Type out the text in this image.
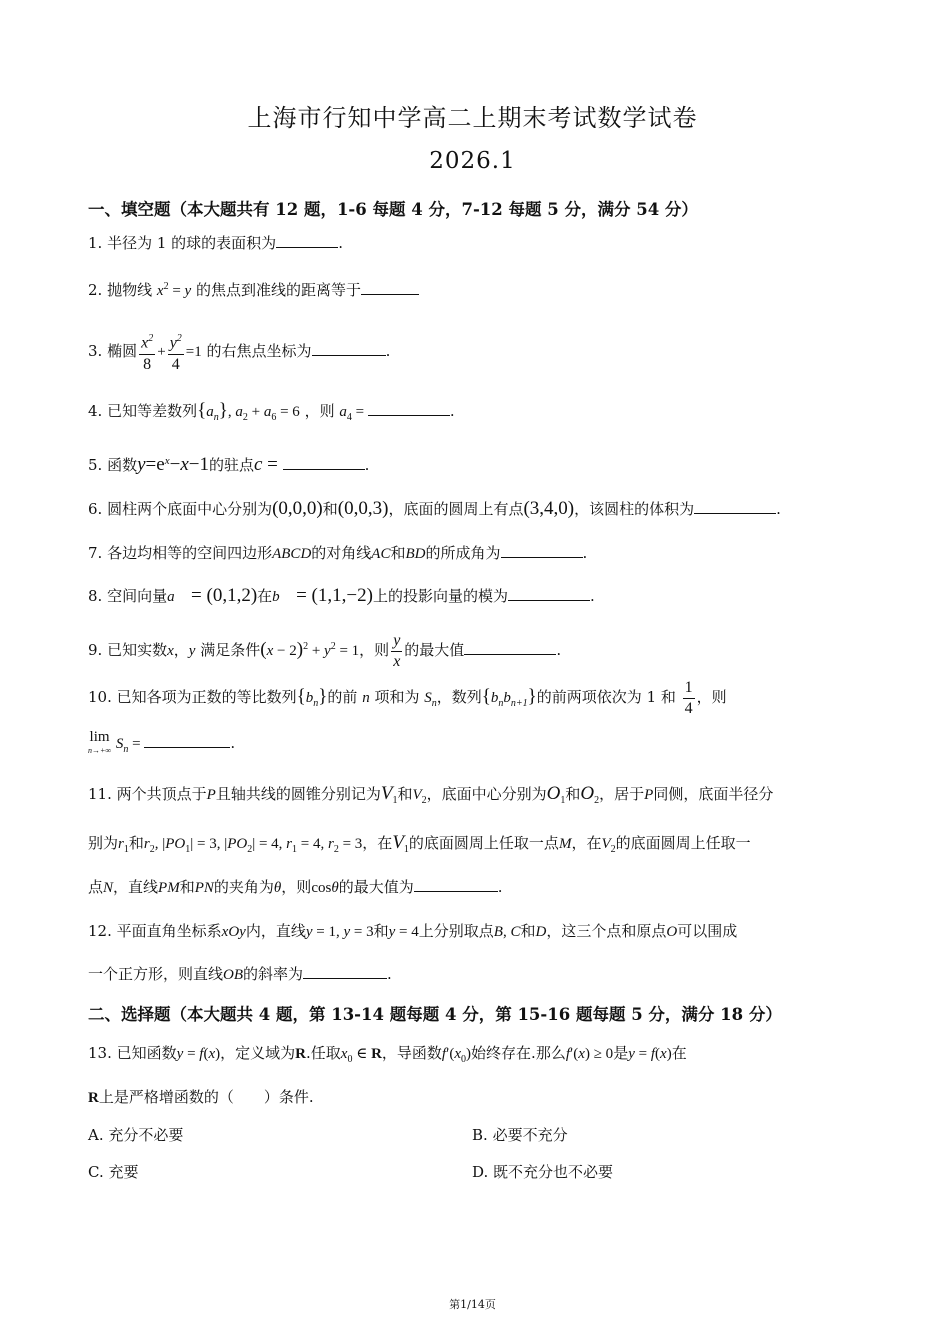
上海市行知中学高二上期末考试数学试卷
2026.1
一、填空题（本大题共有 12 题，1-6 每题 4 分，7-12 每题 5 分，满分 54 分）
1. 半径为 1 的球的表面积为	.
2. 抛物线 $x^2 = y$ 的焦点到准线的距离等于
3. 椭圆 $\frac{x^2}{8} + \frac{y^2}{4} =1$ 的右焦点坐标为	.
4. 已知等差数列$\{a_n\}$, $a_2 + a_6 = 6$ ，则 $a_4$ =	.
5. 函数$y=e^x-x-1$的驻点c =	.
6. 圆柱两个底面中心分别为(0,0,0)和(0,0,3)，底面的圆周上有点(3,4,0)，该圆柱的体积为	.
7. 各边均相等的空间四边形ABCD的对角线AC和BD的所成角为	.
8. 空间向量a⃗ = (0,1,2)在b⃗ = (1,1,−2)上的投影向量的模为	.
9. 已知实数x，y 满足条件$(x - 2)^2 + y^2 = 1$，则 $\frac{y}{x}$ 的最大值	.
10. 已知各项为正数的等比数列$\{b_n\}$的前 n 项和为 $S_n$，数列$\{b_nb_{n+1}\}$的前两项依次为 1 和 $\frac{1}{4}$ ，则
lim
n→+∞ $S_n$ =	.
11. 两个共顶点于P且轴共线的圆锥分别记为$V_1$和$V_2$，底面中心分别为$O_1$和$O_2$，居于P同侧，底面半径分
别为$r_1$和$r_2$, $|PO_1| = 3$, $|PO_2| = 4$, $r_1 = 4$, $r_2 = 3$，在$V_1$的底面圆周上任取一点M，在$V_2$的底面圆周上任取一
点N，直线PM和PN的夹角为θ，则cosθ的最大值为	.
12. 平面直角坐标系xOy内，直线y = 1, y = 3和y = 4上分别取点B, C和D，这三个点和原点O可以围成
一个正方形，则直线OB的斜率为	.
二、选择题（本大题共 4 题，第 13-14 题每题 4 分，第 15-16 题每题 5 分，满分 18 分）
13. 已知函数y = f(x)，定义域为R.任取$x_0$ ∈ R，导函数$f'(x_0)$始终存在.那么f′(x) ≥ 0是y = f(x)在
R上是严格增函数的（　　）条件.
A. 充分不必要	B. 必要不充分
C. 充要	D. 既不充分也不必要
第1/14页
